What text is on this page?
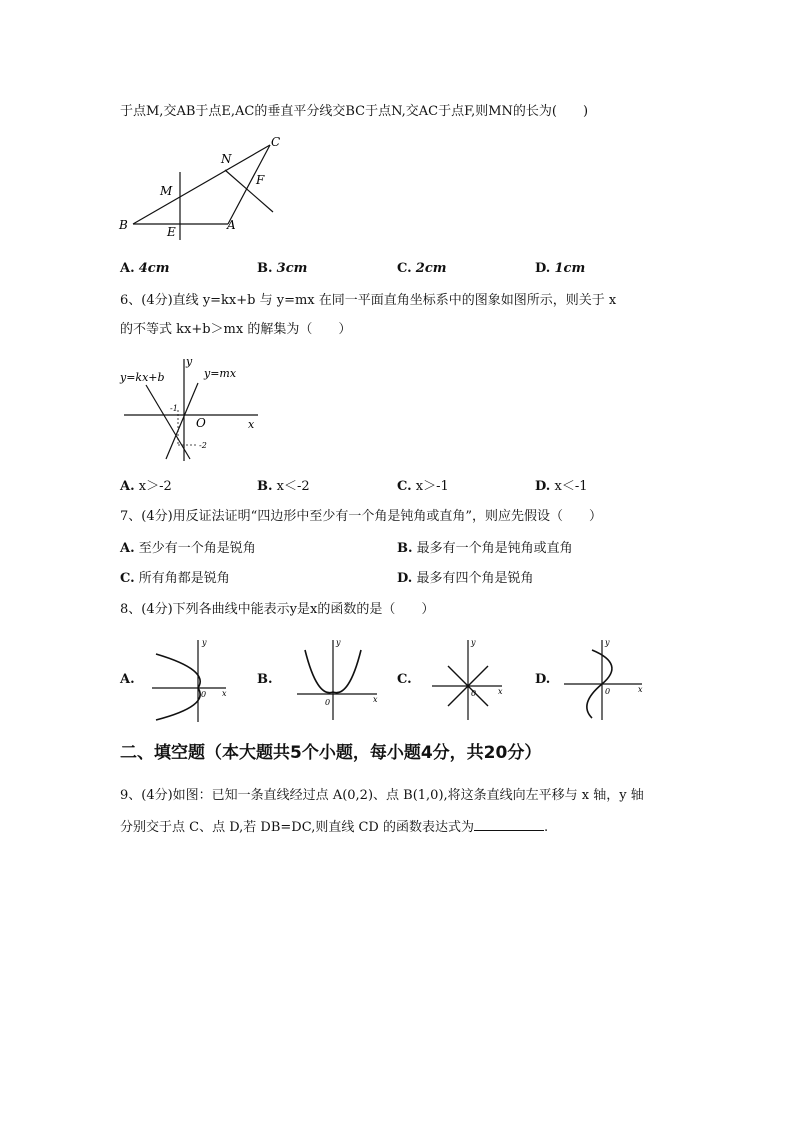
于点M,交AB于点E,AC的垂直平分线交BC于点N,交AC于点F,则MN的长为(　　)
B	E	A
C
M
N
F
A. 4cm	B. 3cm	C. 2cm	D. 1cm
6、(4分)直线 y=kx+b 与 y=mx 在同一平面直角坐标系中的图象如图所示，则关于 x
的不等式 kx+b＞mx 的解集为（　　）
y=kx+b	y=mx
y
x
O
-1
-2
A. x＞-2	B. x＜-2	C. x＞-1	D. x＜-1
7、(4分)用反证法证明“四边形中至少有一个角是钝角或直角”，则应先假设（　　）
A. 至少有一个角是锐角	B. 最多有一个角是钝角或直角
C. 所有角都是锐角	D. 最多有四个角是锐角
8、(4分)下列各曲线中能表示y是x的函数的是（　　）
A.
y
x
0
B.
y
x
0
C.
y
x
0
D.
y
x
0
二、填空题（本大题共5个小题，每小题4分，共20分）
9、(4分)如图：已知一条直线经过点 A(0,2)、点 B(1,0),将这条直线向左平移与 x 轴，y 轴
分别交于点 C、点 D,若 DB=DC,则直线 CD 的函数表达式为	.
